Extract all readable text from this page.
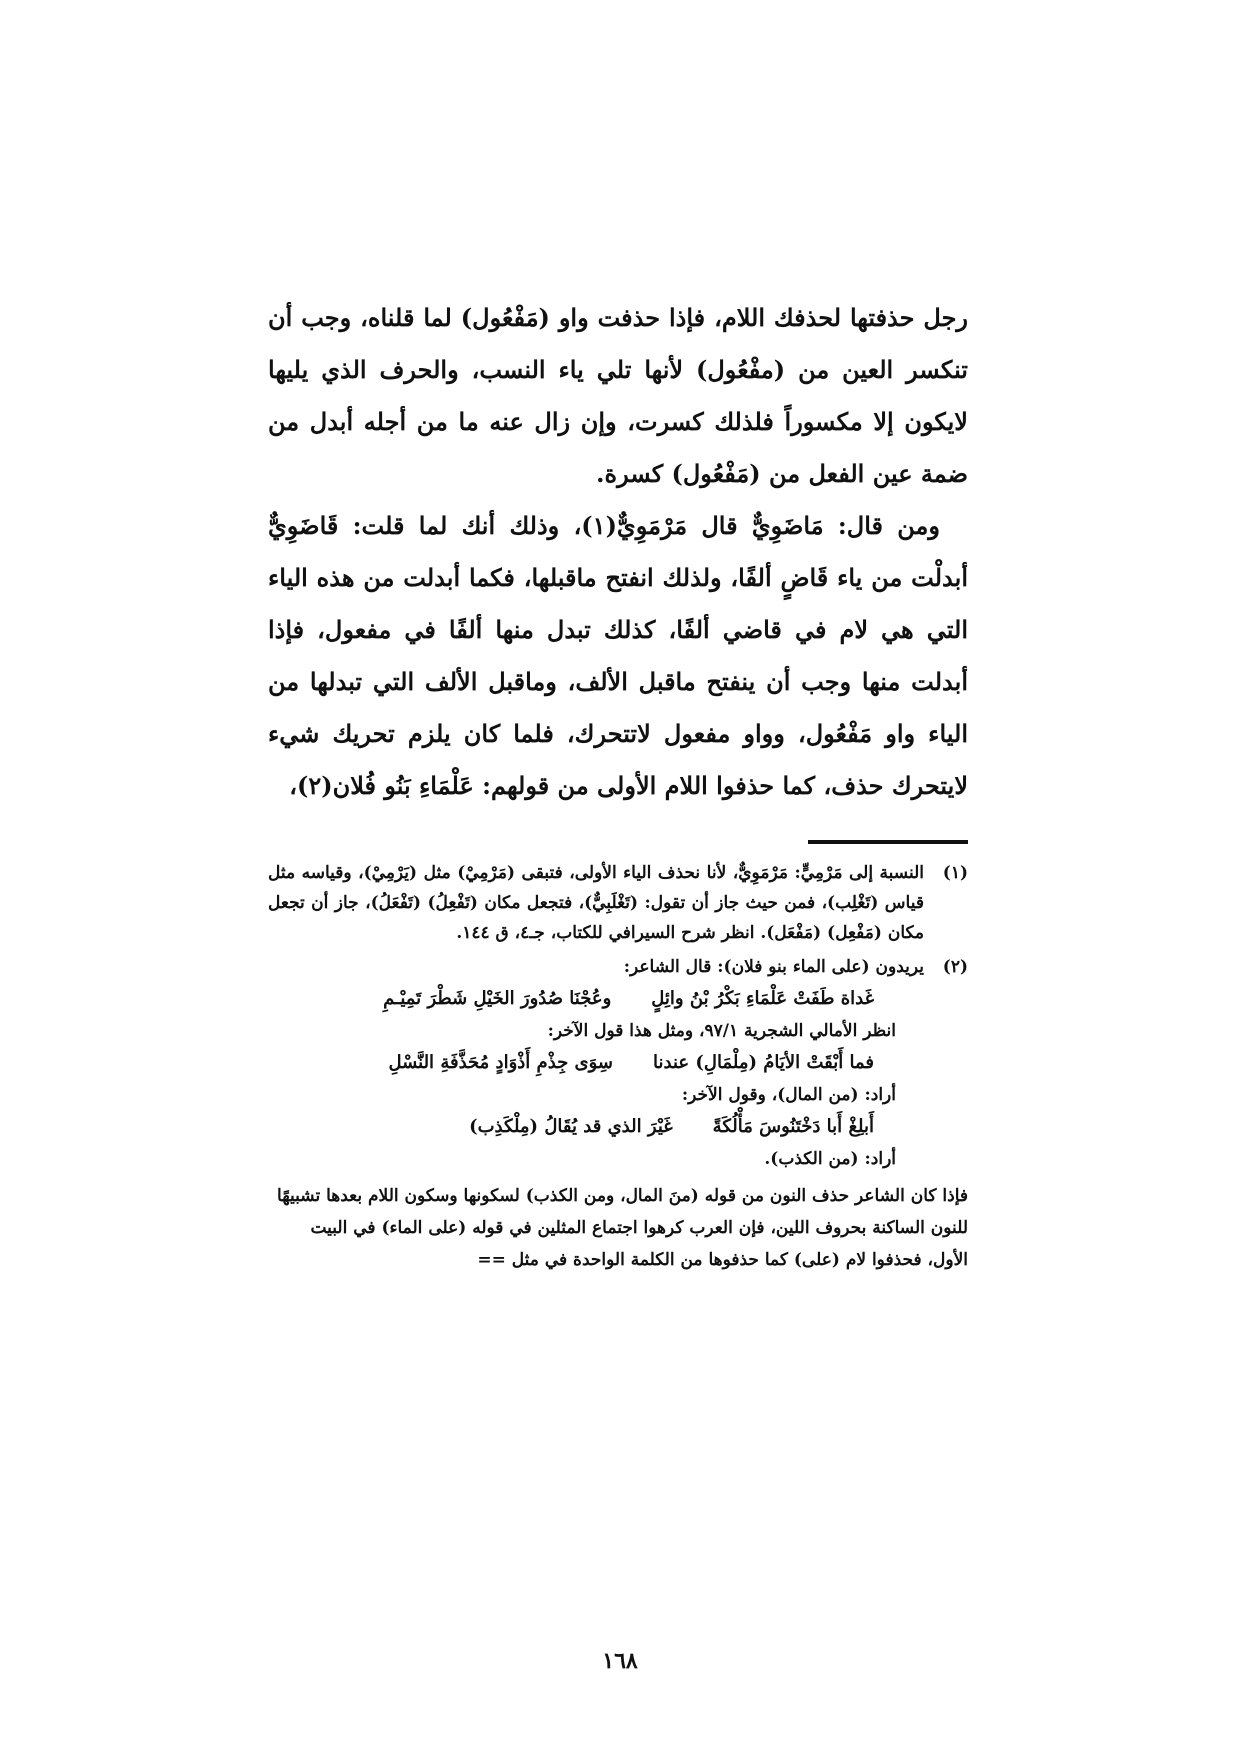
رجل حذفتها لحذفك اللام، فإذا حذفت واو (مَفْعُول) لما قلناه، وجب أن تنكسر العين من (مفْعُول) لأنها تلي ياء النسب، والحرف الذي يليها لايكون إلا مكسوراً فلذلك كسرت، وإن زال عنه ما من أجله أبدل من ضمة عين الفعل من (مَفْعُول) كسرة.

ومن قال: مَاضَوِيٌّ قال مَرْمَوِيٌّ(١)، وذلك أنك لما قلت: قَاضَوِيٌّ أبدلْت من ياء قَاضٍ ألفًا، ولذلك انفتح ماقبلها، فكما أبدلت من هذه الياء التي هي لام في قاضي ألفًا، كذلك تبدل منها ألفًا في مفعول، فإذا أبدلت منها وجب أن ينفتح ماقبل الألف، وماقبل الألف التي تبدلها من الياء واو مَفْعُول، وواو مفعول لاتتحرك، فلما كان يلزم تحريك شيء لايتحرك حذف، كما حذفوا اللام الأولى من قولهم: عَلْمَاءِ بَنُو فُلان(٢)،

(١)
النسبة إلى مَرْمِيٍّ: مَرْمَوِيٌّ، لأنا نحذف الياء الأولى، فتبقى (مَرْمِيْ) مثل (يَرْمِيْ)، وقياسه مثل قياس (تَغْلِب)، فمن حيث جاز أن تقول: (تَغْلَبِيٌّ)، فتجعل مكان (تَفْعِلُ) (تَفْعَلُ)، جاز أن تجعل مكان (مَفْعِل) (مَفْعَل). انظر شرح السيرافي للكتاب، جـ٤، ق ١٤٤.
(٢)

يريدون (على الماء بنو فلان): قال الشاعر:

غَداة طَفَتْ عَلْمَاءِ بَكْرُ بْنُ وائِلٍ
وعُجْنَا صُدُورَ الخَيْلِ شَطْرَ تَمِيْـمِ

انظر الأمالي الشجرية ٩٧/١، ومثل هذا قول الآخر:

فما أَبْقَتْ الأيَامُ (مِلْمَالِ) عندنا
سِوَى جِذْمِ أَذْوَادٍ مُحَذَّفَةِ النَّسْلِ

أراد: (من المال)، وقول الآخر:

أَبلِغْ أَبا دَخْتَنُوسَ مَأْلُكَةً
غَيْرَ الذي قد يُقَالُ (مِلْكَذِب)

أراد: (من الكذب).

فإذا كان الشاعر حذف النون من قوله (منَ المال، ومن الكذب) لسكونها وسكون اللام بعدها تشبيهًا للنون الساكنة بحروف اللين، فإن العرب كرهوا اجتماع المثلين في قوله (على الماء) في البيت الأول، فحذفوا لام (على) كما حذفوها من الكلمة الواحدة في مثل ==

١٦٨
